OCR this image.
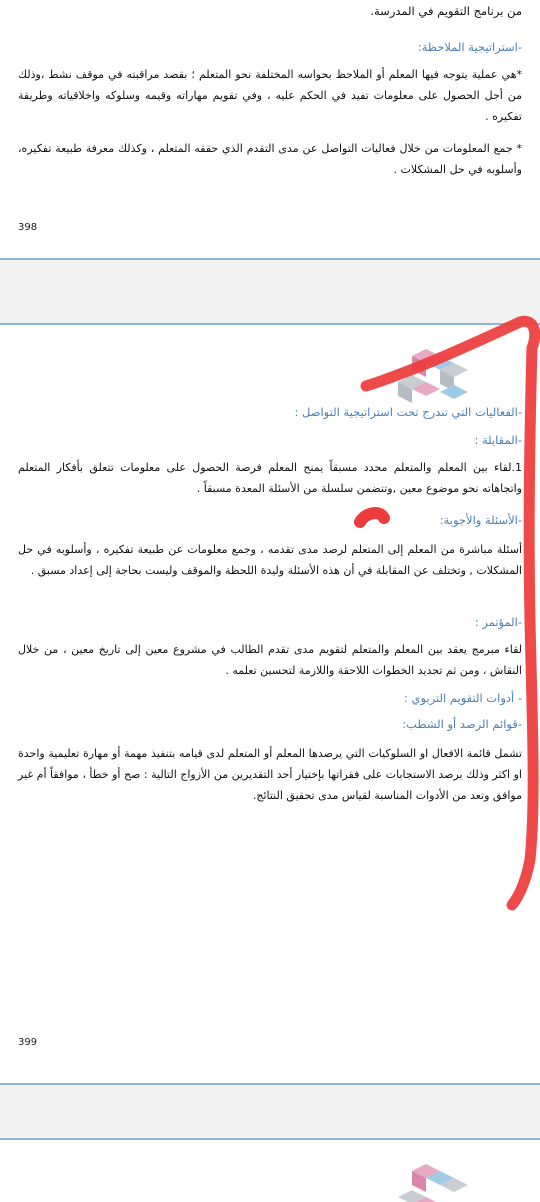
من برنامج التقويم في المدرسة.

-استراتيجية الملاحظة:

*هي عملية يتوجه فيها المعلم أو الملاحظ بحواسه المختلفة نحو المتعلم ؛ بقصد مراقبته في موقف نشط ،وذلك من أجل الحصول على معلومات تفيد في الحكم عليه ، وفي تقويم مهاراته وقيمه وسلوكه واخلاقياته وطريقة تفكيره .

* جمع المعلومات من خلال فعاليات التواصل عن مدى التقدم الذي حققه المتعلم ، وكذلك معرفة طبيعة تفكيره، وأسلوبه في حل المشكلات .

398

-الفعاليات التي تندرج تحت استراتيجية التواصل :

-المقابلة :

1.لقاء بين المعلم والمتعلم محدد مسبقاً يمنح المعلم فرصة الحصول على معلومات تتعلق بأفكار المتعلم واتجاهاته نحو موضوع معين ,وتتضمن سلسلة من الأسئلة المعدة مسبقاً .

-الأسئلة والأجوبة:

أسئلة مباشرة من المعلم إلى المتعلم لرصد مدى تقدمه ، وجمع معلومات عن طبيعة تفكيره ، وأسلوبه في حل المشكلات , وتختلف عن المقابلة في أن هذه الأسئلة وليدة اللحظة والموقف وليست بحاجة إلى إعداد مسبق .

-المؤتمر :

لقاء مبرمج يعقد بين المعلم والمتعلم لتقويم مدى تقدم الطالب في مشروع معين إلى تاريخ معين ، من خلال النقاش ، ومن ثم تحديد الخطوات اللاحقة واللازمة لتحسين تعلمه .

- أدوات التقويم التربوي :

-قوائم الرصد أو الشطب:

تشمل قائمة الافعال او السلوكيات التي يرصدها المعلم أو المتعلم لدى قيامه بتنفيذ مهمة أو مهارة تعليمية واحدة او اكثر وذلك برصد الاستجابات على فقراتها بإختيار أحد التقديرين من الأزواج التالية : صح أو خطأ ، موافقاً أم غير موافق وتعد من الأدوات المناسبة لقياس مدى تحقيق النتائج.

399
